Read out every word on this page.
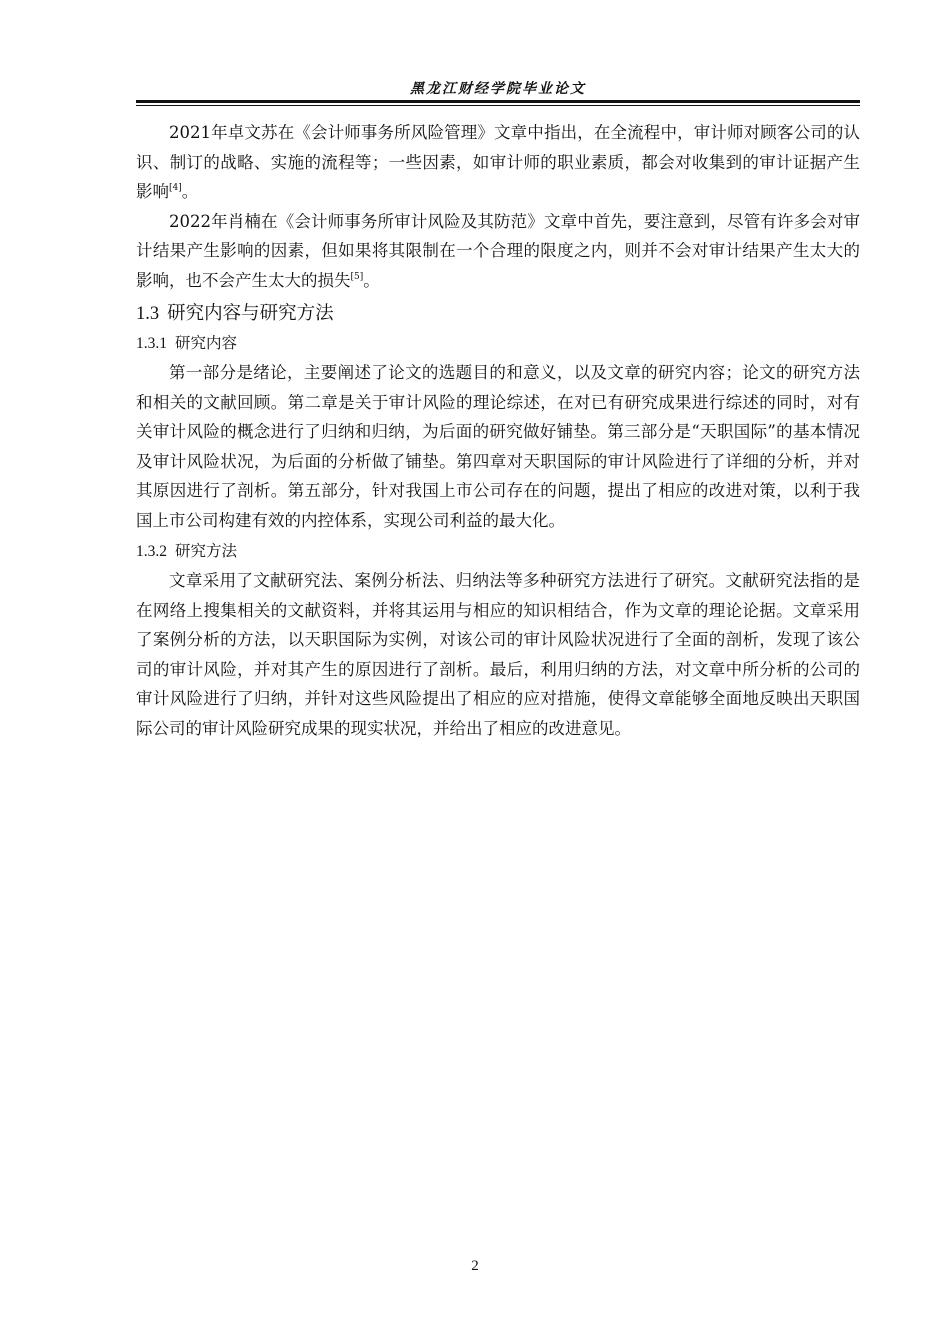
黑龙江财经学院毕业论文

2021年卓文苏在《会计师事务所风险管理》文章中指出，在全流程中，审计师对顾客公司的认识、制订的战略、实施的流程等；一些因素，如审计师的职业素质，都会对收集到的审计证据产生影响[4]。

2022年肖楠在《会计师事务所审计风险及其防范》文章中首先，要注意到，尽管有许多会对审计结果产生影响的因素，但如果将其限制在一个合理的限度之内，则并不会对审计结果产生太大的影响，也不会产生太大的损失[5]。

1.3 研究内容与研究方法
1.3.1 研究内容

第一部分是绪论，主要阐述了论文的选题目的和意义，以及文章的研究内容；论文的研究方法和相关的文献回顾。第二章是关于审计风险的理论综述，在对已有研究成果进行综述的同时，对有关审计风险的概念进行了归纳和归纳，为后面的研究做好铺垫。第三部分是“天职国际”的基本情况及审计风险状况，为后面的分析做了铺垫。第四章对天职国际的审计风险进行了详细的分析，并对其原因进行了剖析。第五部分，针对我国上市公司存在的问题，提出了相应的改进对策，以利于我国上市公司构建有效的内控体系，实现公司利益的最大化。

1.3.2 研究方法

文章采用了文献研究法、案例分析法、归纳法等多种研究方法进行了研究。文献研究法指的是在网络上搜集相关的文献资料，并将其运用与相应的知识相结合，作为文章的理论论据。文章采用了案例分析的方法，以天职国际为实例，对该公司的审计风险状况进行了全面的剖析，发现了该公司的审计风险，并对其产生的原因进行了剖析。最后，利用归纳的方法，对文章中所分析的公司的审计风险进行了归纳，并针对这些风险提出了相应的应对措施，使得文章能够全面地反映出天职国际公司的审计风险研究成果的现实状况，并给出了相应的改进意见。

2
